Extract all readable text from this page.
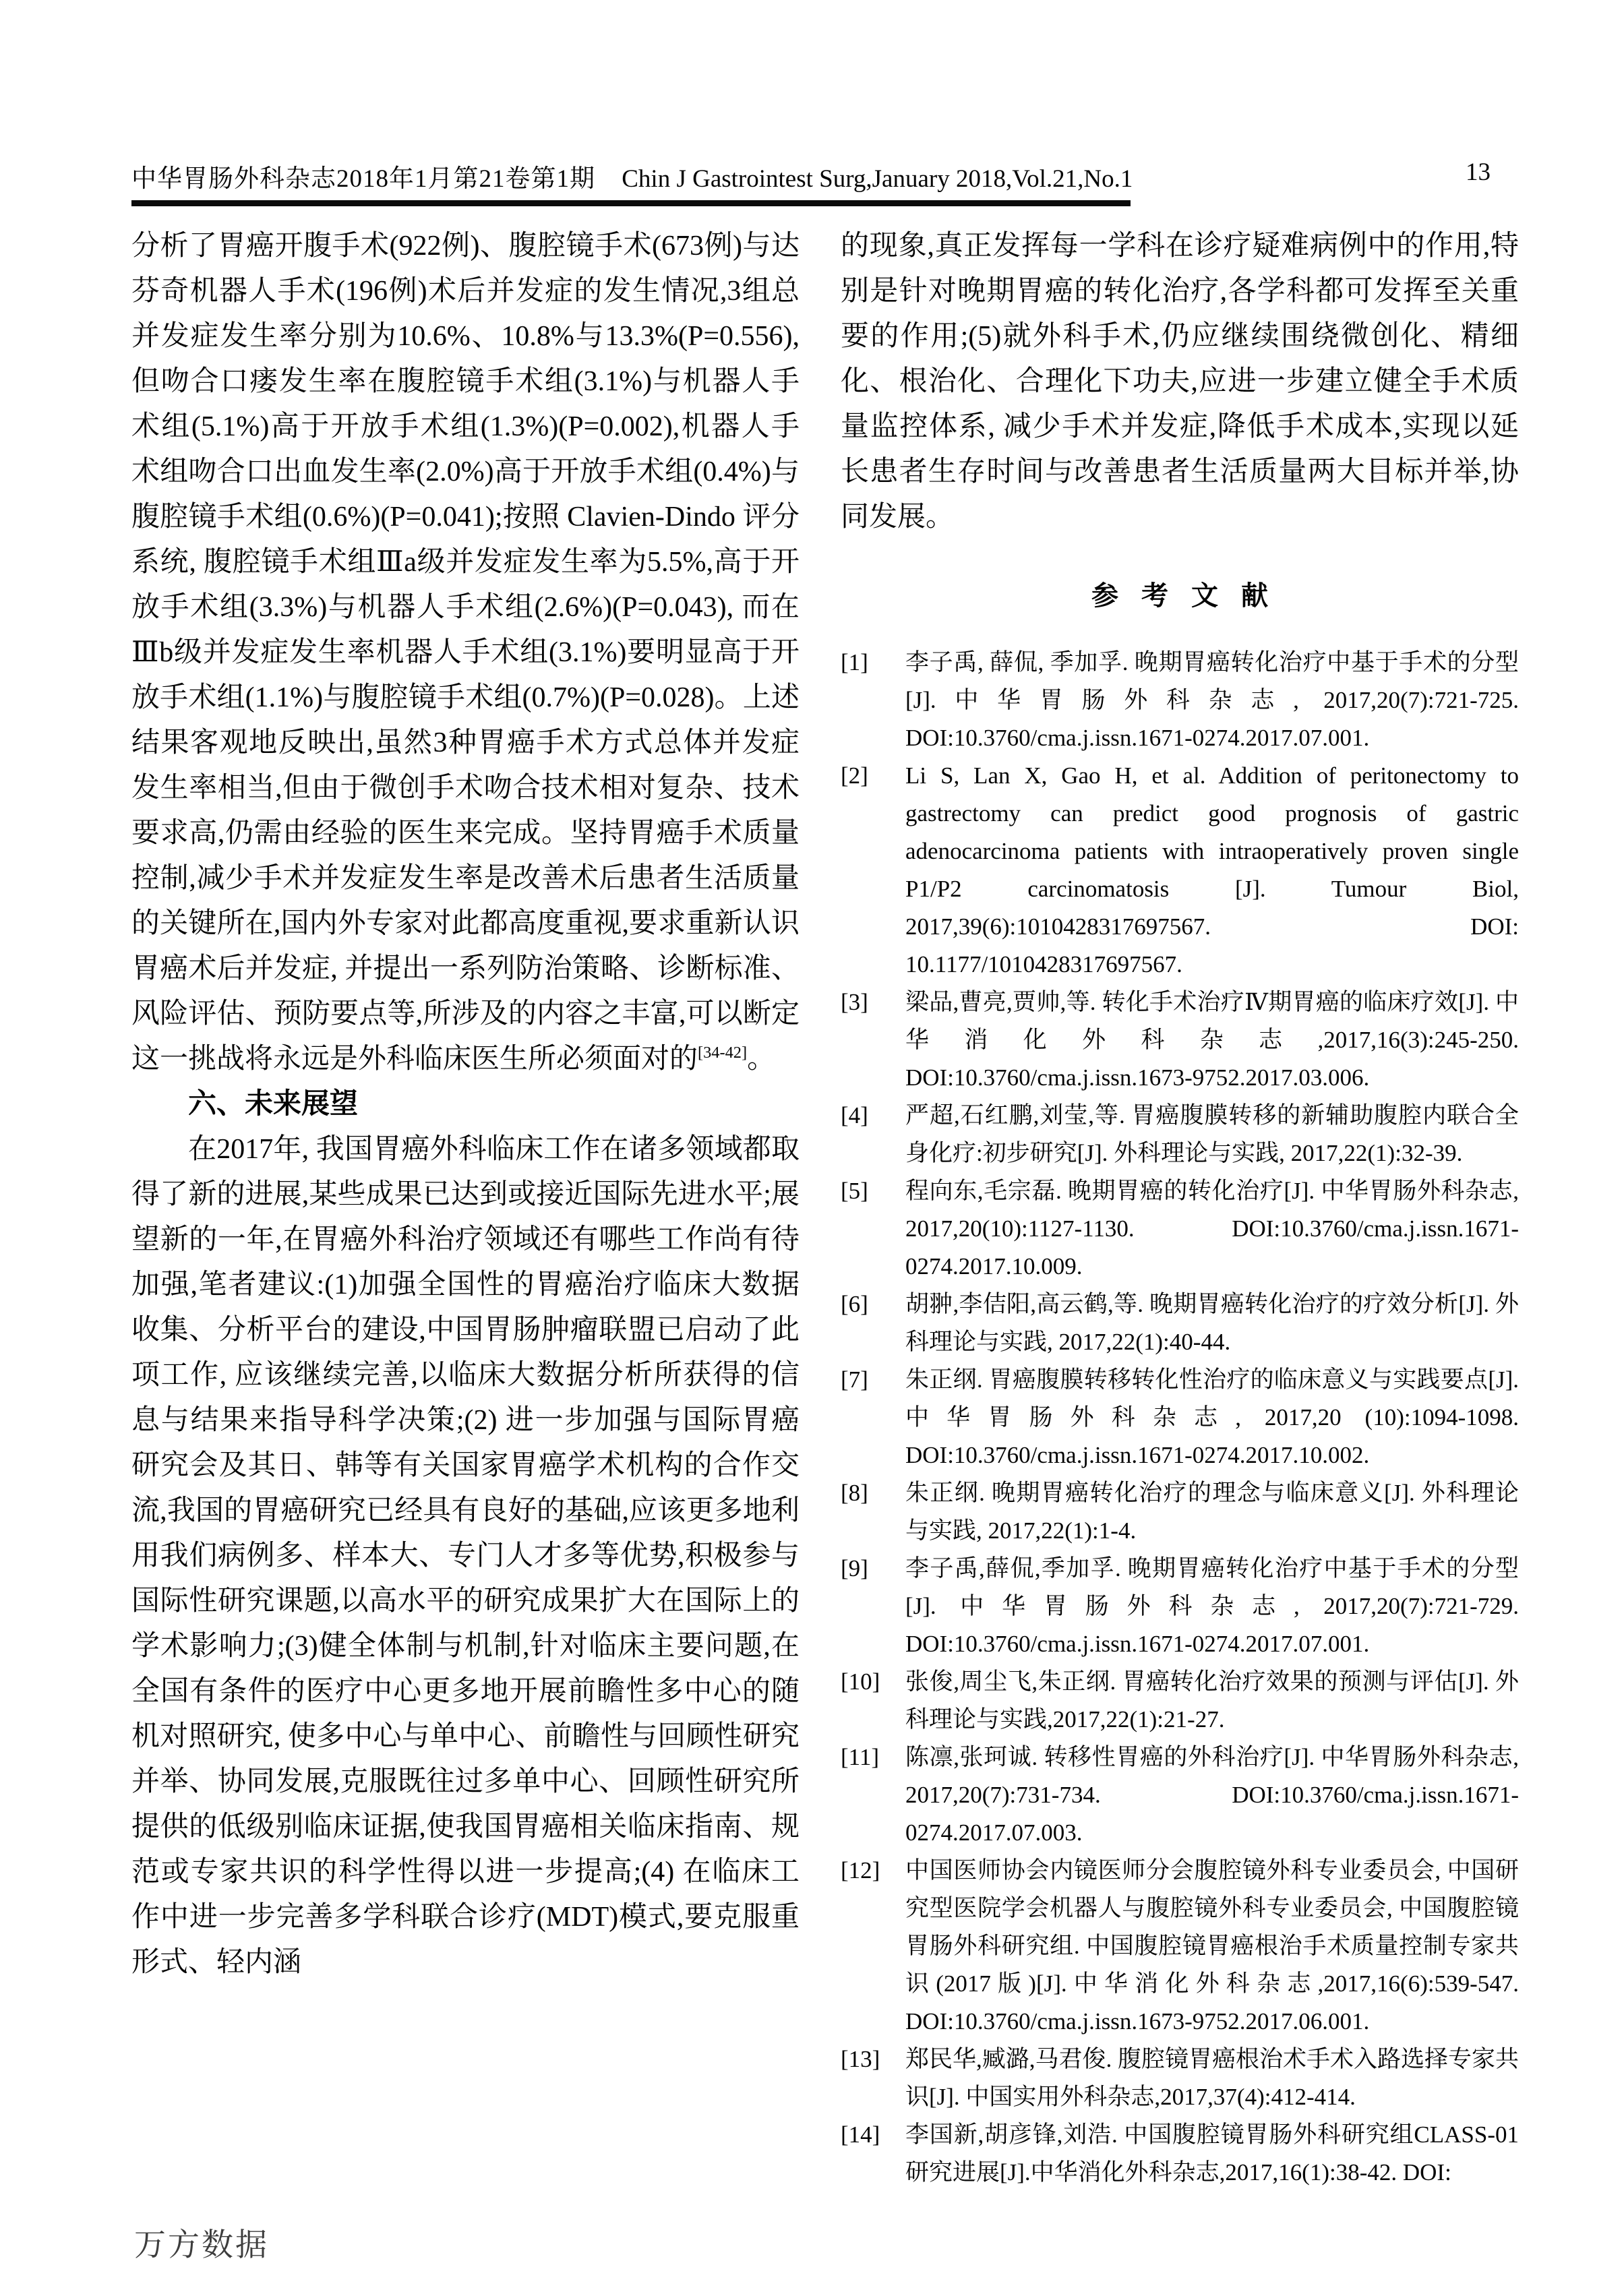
中华胃肠外科杂志2018年1月第21卷第1期 Chin J Gastrointest Surg,January 2018,Vol.21,No.1	13

分析了胃癌开腹手术(922例)、腹腔镜手术(673例)与达芬奇机器人手术(196例)术后并发症的发生情况,3组总并发症发生率分别为10.6%、10.8%与13.3%(P=0.556), 但吻合口瘘发生率在腹腔镜手术组(3.1%)与机器人手术组(5.1%)高于开放手术组(1.3%)(P=0.002),机器人手术组吻合口出血发生率(2.0%)高于开放手术组(0.4%)与腹腔镜手术组(0.6%)(P=0.041);按照 Clavien-Dindo 评分系统, 腹腔镜手术组Ⅲa级并发症发生率为5.5%,高于开放手术组(3.3%)与机器人手术组(2.6%)(P=0.043), 而在Ⅲb级并发症发生率机器人手术组(3.1%)要明显高于开放手术组(1.1%)与腹腔镜手术组(0.7%)(P=0.028)。上述结果客观地反映出,虽然3种胃癌手术方式总体并发症发生率相当,但由于微创手术吻合技术相对复杂、技术要求高,仍需由经验的医生来完成。坚持胃癌手术质量控制,减少手术并发症发生率是改善术后患者生活质量的关键所在,国内外专家对此都高度重视,要求重新认识胃癌术后并发症, 并提出一系列防治策略、诊断标准、风险评估、预防要点等,所涉及的内容之丰富,可以断定这一挑战将永远是外科临床医生所必须面对的[34-42]。

六、未来展望

在2017年, 我国胃癌外科临床工作在诸多领域都取得了新的进展,某些成果已达到或接近国际先进水平;展望新的一年,在胃癌外科治疗领域还有哪些工作尚有待加强,笔者建议:(1)加强全国性的胃癌治疗临床大数据收集、分析平台的建设,中国胃肠肿瘤联盟已启动了此项工作, 应该继续完善,以临床大数据分析所获得的信息与结果来指导科学决策;(2) 进一步加强与国际胃癌研究会及其日、韩等有关国家胃癌学术机构的合作交流,我国的胃癌研究已经具有良好的基础,应该更多地利用我们病例多、样本大、专门人才多等优势,积极参与国际性研究课题,以高水平的研究成果扩大在国际上的学术影响力;(3)健全体制与机制,针对临床主要问题,在全国有条件的医疗中心更多地开展前瞻性多中心的随机对照研究, 使多中心与单中心、前瞻性与回顾性研究并举、协同发展,克服既往过多单中心、回顾性研究所提供的低级别临床证据,使我国胃癌相关临床指南、规范或专家共识的科学性得以进一步提高;(4) 在临床工作中进一步完善多学科联合诊疗(MDT)模式,要克服重形式、轻内涵

的现象,真正发挥每一学科在诊疗疑难病例中的作用,特别是针对晚期胃癌的转化治疗,各学科都可发挥至关重要的作用;(5)就外科手术,仍应继续围绕微创化、精细化、根治化、合理化下功夫,应进一步建立健全手术质量监控体系, 减少手术并发症,降低手术成本,实现以延长患者生存时间与改善患者生活质量两大目标并举,协同发展。

参 考 文 献
[1] 李子禹, 薛侃, 季加孚. 晚期胃癌转化治疗中基于手术的分型[J].中华胃肠外科杂志, 2017,20(7):721-725. DOI:10.3760/cma.j.issn.1671-0274.2017.07.001.
[2] Li S, Lan X, Gao H, et al. Addition of peritonectomy to gastrectomy can predict good prognosis of gastric adenocarcinoma patients with intraoperatively proven single P1/P2 carcinomatosis [J]. Tumour Biol, 2017,39(6):1010428317697567. DOI: 10.1177/1010428317697567.
[3] 梁品,曹亮,贾帅,等. 转化手术治疗Ⅳ期胃癌的临床疗效[J]. 中华消化外科杂志,2017,16(3):245-250. DOI:10.3760/cma.j.issn.1673-9752.2017.03.006.
[4] 严超,石红鹏,刘莹,等. 胃癌腹膜转移的新辅助腹腔内联合全身化疗:初步研究[J]. 外科理论与实践, 2017,22(1):32-39.
[5] 程向东,毛宗磊. 晚期胃癌的转化治疗[J]. 中华胃肠外科杂志, 2017,20(10):1127-1130. DOI:10.3760/cma.j.issn.1671-0274.2017.10.009.
[6] 胡翀,李佶阳,高云鹤,等. 晚期胃癌转化治疗的疗效分析[J]. 外科理论与实践, 2017,22(1):40-44.
[7] 朱正纲. 胃癌腹膜转移转化性治疗的临床意义与实践要点[J]. 中华胃肠外科杂志, 2017,20 (10):1094-1098. DOI:10.3760/cma.j.issn.1671-0274.2017.10.002.
[8] 朱正纲. 晚期胃癌转化治疗的理念与临床意义[J]. 外科理论与实践, 2017,22(1):1-4.
[9] 李子禹,薛侃,季加孚. 晚期胃癌转化治疗中基于手术的分型[J]. 中华胃肠外科杂志, 2017,20(7):721-729. DOI:10.3760/cma.j.issn.1671-0274.2017.07.001.
[10] 张俊,周尘飞,朱正纲. 胃癌转化治疗效果的预测与评估[J]. 外科理论与实践,2017,22(1):21-27.
[11] 陈凛,张珂诚. 转移性胃癌的外科治疗[J]. 中华胃肠外科杂志, 2017,20(7):731-734. DOI:10.3760/cma.j.issn.1671-0274.2017.07.003.
[12] 中国医师协会内镜医师分会腹腔镜外科专业委员会, 中国研究型医院学会机器人与腹腔镜外科专业委员会, 中国腹腔镜胃肠外科研究组. 中国腹腔镜胃癌根治手术质量控制专家共识(2017版)[J].中华消化外科杂志,2017,16(6):539-547. DOI:10.3760/cma.j.issn.1673-9752.2017.06.001.
[13] 郑民华,臧潞,马君俊. 腹腔镜胃癌根治术手术入路选择专家共识[J]. 中国实用外科杂志,2017,37(4):412-414.
[14] 李国新,胡彦锋,刘浩. 中国腹腔镜胃肠外科研究组CLASS-01研究进展[J].中华消化外科杂志,2017,16(1):38-42. DOI:
万方数据
